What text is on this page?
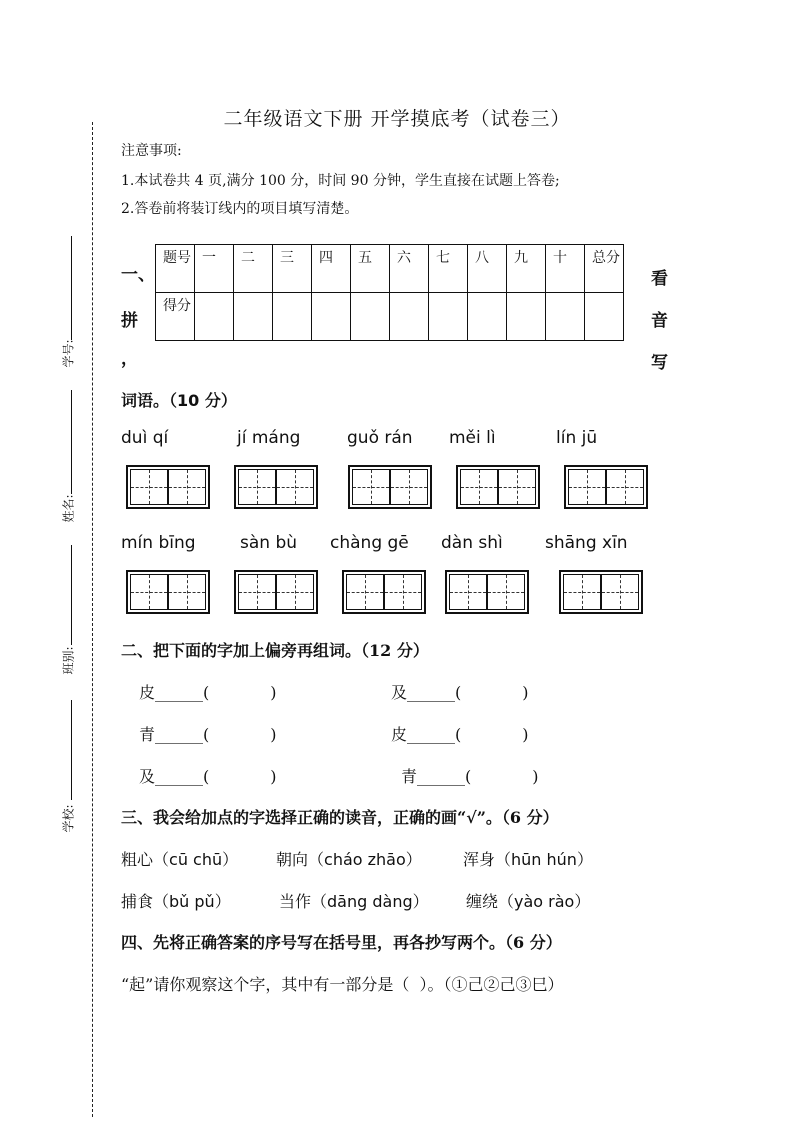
学号:
姓名:
班别:
学校:
二年级语文下册 开学摸底考（试卷三）
注意事项:
1.本试卷共 4 页,满分 100 分，时间 90 分钟，学生直接在试题上答卷;
2.答卷前将装订线内的项目填写清楚。
一、
拼
，
看
音
写
题号	一	二	三	四	五	六	七	八	九	十	总分
得分											
词语。（10 分）
duì qí	jí máng	guǒ rán měi lì	lín jū
mín bīng	sàn bù chàng gē dàn shì shāng xīn
二、把下面的字加上偏旁再组词。（12 分）
皮______(            )	及______(            )
青______(            )	皮______(            )
及______(            )	青______(            )
三、我会给加点的字选择正确的读音，正确的画“√”。（6 分）
粗心（cū chū） 朝向（cháo zhāo）	浑身（hūn hún）
捕食（bǔ pǔ）	当作（dāng dàng） 缠绕（yào rào）
四、先将正确答案的序号写在括号里，再各抄写两个。（6 分）
“起”请你观察这个字，其中有一部分是（  ）。（①己②己③巳）
